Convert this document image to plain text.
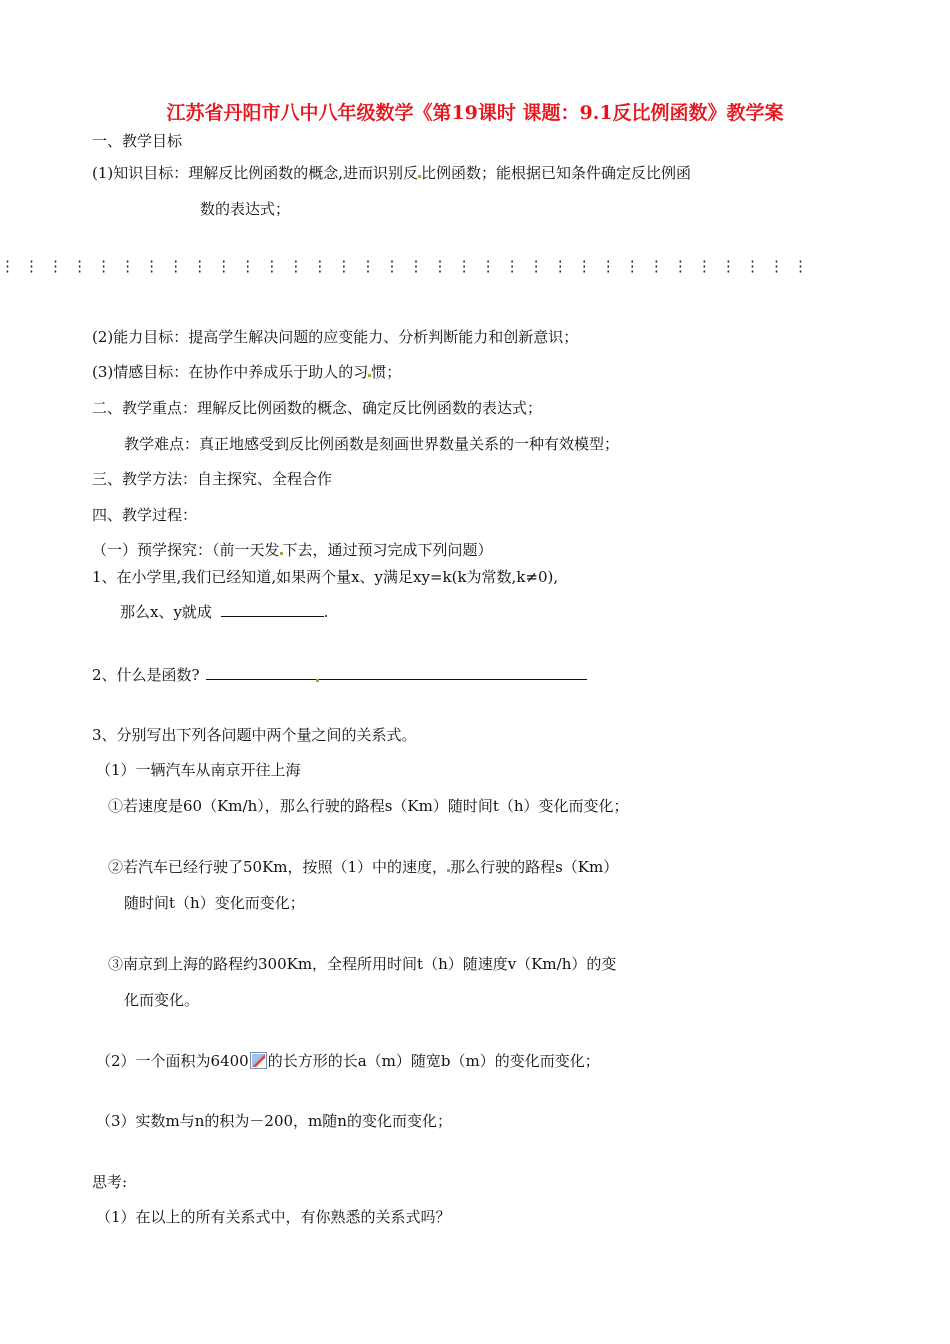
江苏省丹阳市八中八年级数学《第19课时 课题：9.1反比例函数》教学案
一、教学目标
(1)知识目标：理解反比例函数的概念,进而识别反 比例函数；能根据已知条件确定反比例函
数的表达式；
⋮ ⋮ ⋮ ⋮ ⋮ ⋮ ⋮ ⋮ ⋮ ⋮ ⋮ ⋮ ⋮ ⋮ ⋮ ⋮ ⋮ ⋮ ⋮ ⋮ ⋮ ⋮ ⋮ ⋮ ⋮ ⋮ ⋮ ⋮ ⋮ ⋮ ⋮ ⋮ ⋮ ⋮
(2)能力目标：提高学生解决问题的应变能力、分析判断能力和创新意识；
(3)情感目标：在协作中养成乐于助人的习 惯；
二、教学重点：理解反比例函数的概念、确定反比例函数的表达式；
教学难点：真正地感受到反比例函数是刻画世界数量关系的一种有效模型；
三、教学方法：自主探究、全程合作
四、教学过程：
（一）预学探究：（前一天发 下去，通过预习完成下列问题）
1、在小学里,我们已经知道,如果两个量x、y满足xy=k(k为常数,k≠0),
那么x、y就成	.
2、什么是函数?
3、分别写出下列各问题中两个量之间的关系式。
（1）一辆汽车从南京开往上海
①若速度是60（Km/h），那么行驶的路程s（Km）随时间t（h）变化而变化；
②若汽车已经行驶了50Km，按照（1）中的速度， 那么行驶的路程s（Km）
随时间t（h）变化而变化；
③南京到上海的路程约300Km，全程所用时间t（h）随速度v（Km/h）的变
化而变化。
（2）一个面积为6400 的长方形的长a（m）随宽b（m）的变化而变化；
（3）实数m与n的积为－200，m随n的变化而变化；
思考:
（1）在以上的所有关系式中，有你熟悉的关系式吗？
